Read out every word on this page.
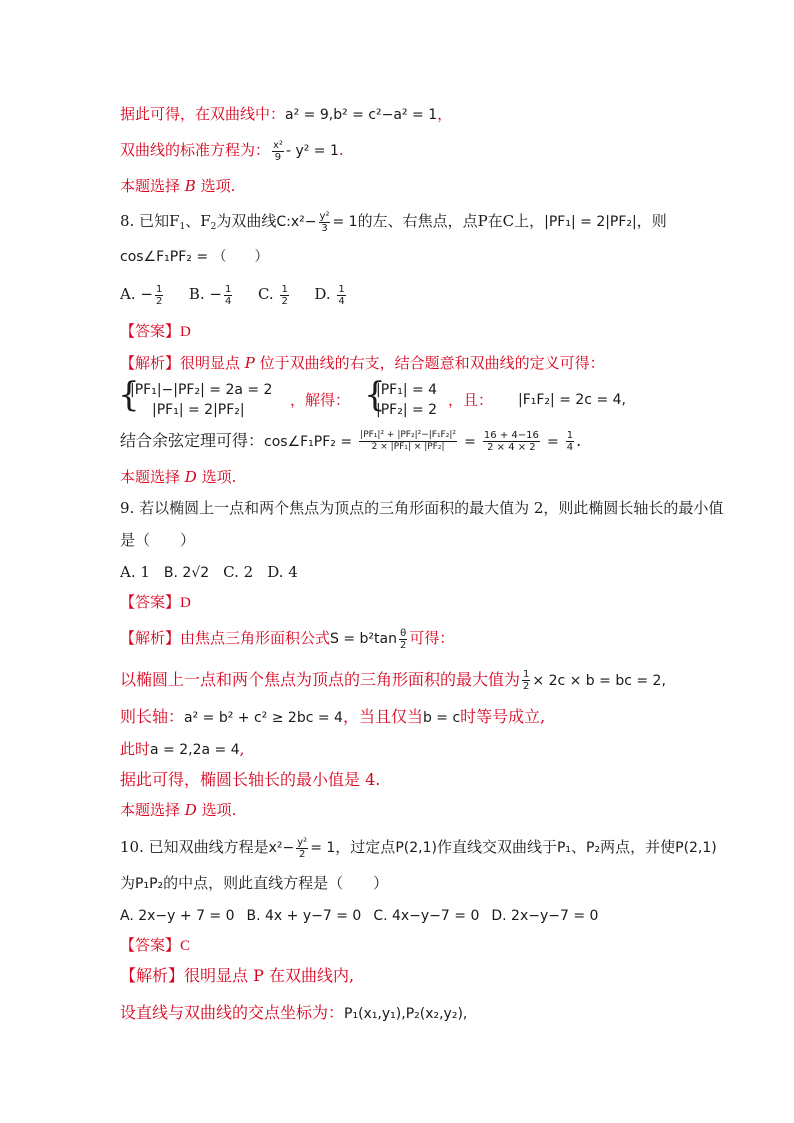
据此可得，在双曲线中：a² = 9,b² = c²−a² = 1，
双曲线的标准方程为： $\frac{\text{x²}}{9} - y^2 = 1$.
本题选择 B 选项.
8. 已知$F_1$、$F_2$为双曲线C:x²− $\frac{\text{y²}}{3} = 1$的左、右焦点，点P在C上，|PF₁| = 2|PF₂|，则
cos∠F₁PF₂ = （　　）
A. − $\frac{1}{2} B$. − $\frac{1}{4} C$. $\frac{1}{2} D$. $\frac{1}{4}$
【答案】D
【解析】很明显点 P 位于双曲线的右支，结合题意和双曲线的定义可得：
{
|PF₁|−|PF₂| = 2a = 2
|PF₁| = 2|PF₂|
，解得： {
|PF₁| = 4
|PF₂| = 2
，且： |F₁F₂| = 2c = 4,
结合余弦定理可得：cos∠F₁PF₂ = $\frac{\text{|PF₁|² + |PF₂|²−|F₁F₂|²}}{\text{2 × |PF₁| × |PF₂|}} = \frac{16 + 4-16}{2 \times 4 \times 2} = \frac{1}{4}$ .
本题选择 D 选项.
9. 若以椭圆上一点和两个焦点为顶点的三角形面积的最大值为 2，则此椭圆长轴长的最小值
是（　　）
A. 1 B. 2√2 C. 2 D. 4
【答案】D
【解析】由焦点三角形面积公式$S = b^2\tan \frac{\theta}{2}$ 可得：
以椭圆上一点和两个焦点为顶点的三角形面积的最大值为 $\frac{1}{2} \times 2c \times b$ = bc = 2,
则长轴：a² = b² + c² ≥ 2bc = 4，当且仅当b = c时等号成立,
此时a = 2,2a = 4,
据此可得，椭圆长轴长的最小值是 4.
本题选择 D 选项.
10. 已知双曲线方程是$x^2- \frac{\text{y²}}{2} = 1$，过定点P(2,1)作直线交双曲线于P₁、P₂两点，并使P(2,1)
为P₁P₂的中点，则此直线方程是（　　）
A. 2x−y + 7 = 0 B. 4x + y−7 = 0 C. 4x−y−7 = 0 D. 2x−y−7 = 0
【答案】C
【解析】很明显点 P 在双曲线内,
设直线与双曲线的交点坐标为：P₁(x₁,y₁),P₂(x₂,y₂),
